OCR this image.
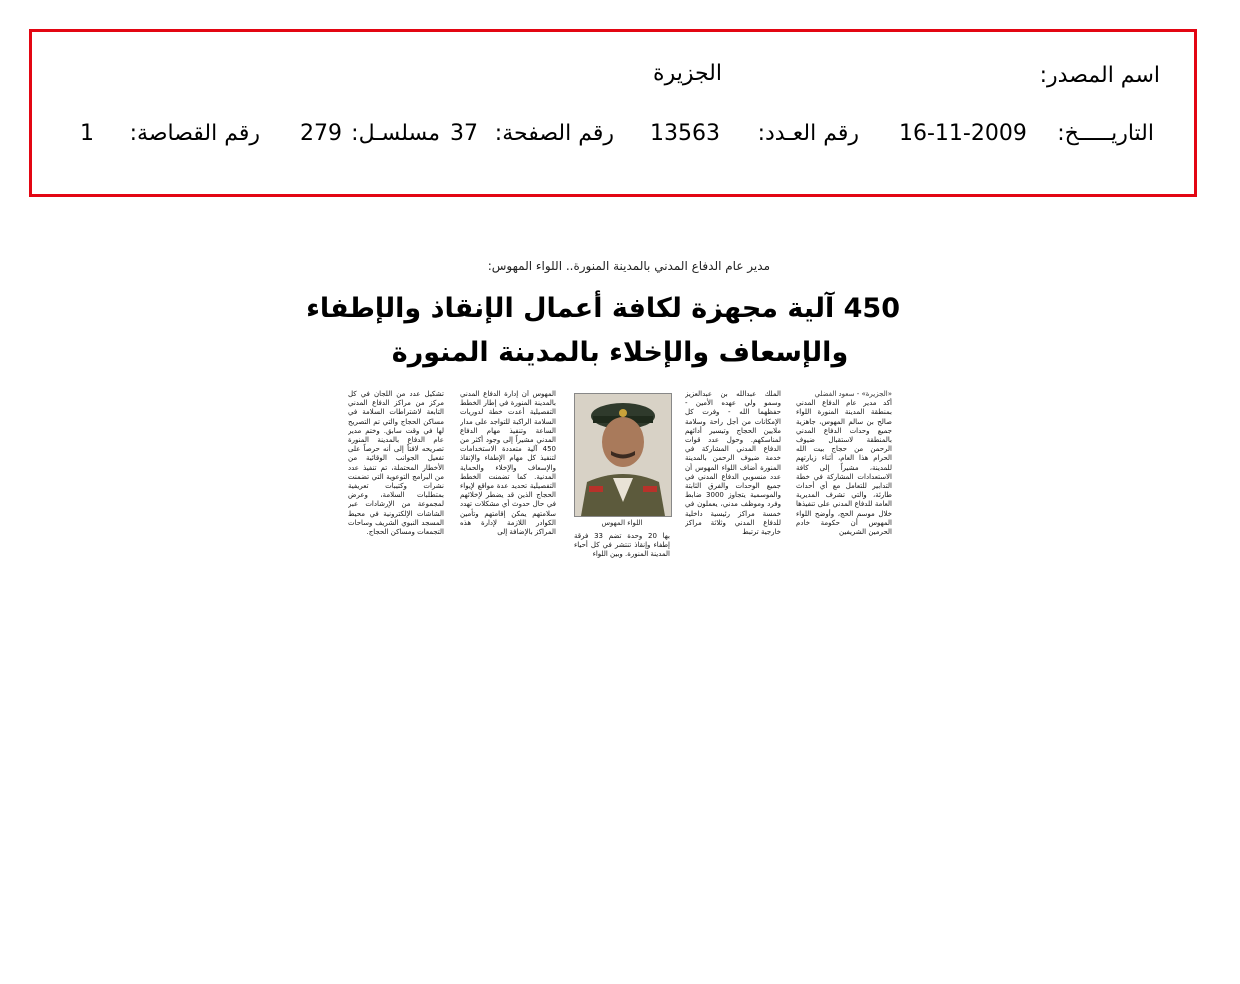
اسم المصدر:
الجزيرة
التاريـــــخ:
16-11-2009
رقم العـدد:
13563
رقم الصفحة:
37
مسلسـل:
279
رقم القصاصة:
1
مدير عام الدفاع المدني بالمدينة المنورة.. اللواء المهوس:
450 آلية مجهزة لكافة أعمال الإنقاذ والإطفاء
والإسعاف والإخلاء بالمدينة المنورة
«الجزيرة» - سعود الفضلي
أكد مدير عام الدفاع المدني بمنطقة المدينة المنورة اللواء صالح بن سالم المهوس، جاهزية جميع وحدات الدفاع المدني بالمنطقة لاستقبال ضيوف الرحمن من حجاج بيت الله الحرام هذا العام، أثناء زيارتهم للمدينة، مشيراً إلى كافة الاستعدادات المشاركة في خطة التدابير للتعامل مع أي أحداث طارئة، والتي تشرف المديرية العامة للدفاع المدني على تنفيذها خلال موسم الحج، وأوضح اللواء المهوس أن حكومة خادم الحرمين الشريفين
الملك عبدالله بن عبدالعزيز وسمو ولي عهده الأمين - حفظهما الله - وفرت كل الإمكانات من أجل راحة وسلامة ملايين الحجاج وتيسير أدائهم لمناسكهم. وحول عدد قوات الدفاع المدني المشاركة في خدمة ضيوف الرحمن بالمدينة المنورة أضاف اللواء المهوس أن عدد منسوبي الدفاع المدني في جميع الوحدات والفرق الثابتة والموسمية يتجاوز 3000 ضابط وفرد وموظف مدني، يعملون في خمسة مراكز رئيسية داخلية للدفاع المدني وثلاثة مراكز خارجية ترتبط
اللواء المهوس
بها 20 وحدة تضم 33 فرقة إطفاء وإنقاذ تنتشر في كل أحياء المدينة المنورة. وبين اللواء
المهوس أن إدارة الدفاع المدني بالمدينة المنورة في إطار الخطط التفصيلية أعدت خطة لدوريات السلامة الراكبة للتواجد على مدار الساعة وتنفيذ مهام الدفاع المدني مشيراً إلى وجود أكثر من 450 آلية متعددة الاستخدامات لتنفيذ كل مهام الإطفاء والإنقاذ والإسعاف والإخلاء والحماية المدنية. كما تضمنت الخطط التفصيلية تحديد عدة مواقع لإيواء الحجاج الذين قد يضطر لإخلائهم في حال حدوث أي مشكلات تهدد سلامتهم يمكن إقامتهم وتأمين الكوادر اللازمة لإدارة هذه المراكز بالإضافة إلى
تشكيل عدد من اللجان في كل مركز من مراكز الدفاع المدني التابعة لاشتراطات السلامة في مساكن الحجاج والتي تم التصريح لها في وقت سابق. وختم مدير عام الدفاع بالمدينة المنورة تصريحه لافتاً إلى أنه حرصاً على تفعيل الجوانب الوقائية من الأخطار المحتملة، تم تنفيذ عدد من البرامج التوعوية التي تضمنت نشرات وكتيبات تعريفية بمتطلبات السلامة، وعرض لمجموعة من الإرشادات عبر الشاشات الإلكترونية في محيط المسجد النبوي الشريف وساحات التجمعات ومساكن الحجاج.
